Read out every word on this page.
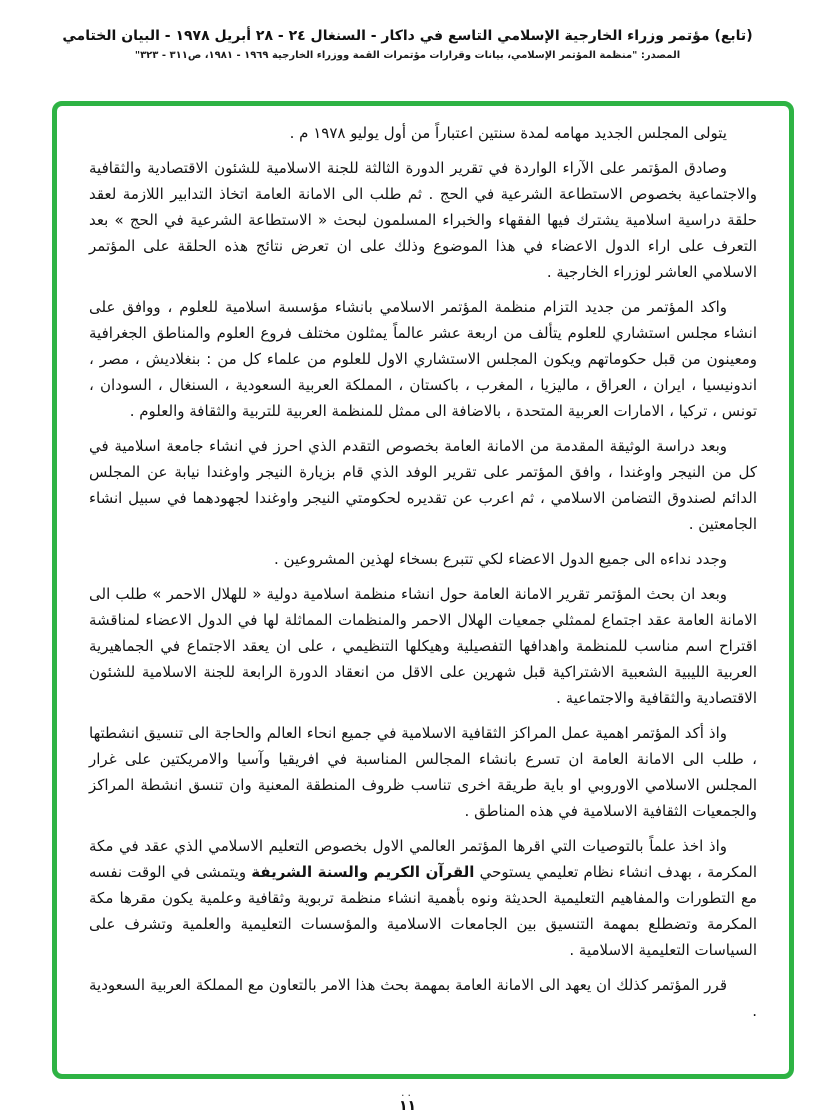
(تابع) مؤتمر وزراء الخارجية الإسلامي التاسع في داكار - السنغال ٢٤ - ٢٨ أبريل ١٩٧٨ - البيان الختامي
المصدر: "منظمة المؤتمر الإسلامي، بيانات وقرارات مؤتمرات القمة ووزراء الخارجية ١٩٦٩ - ١٩٨١، ص٣١١ - ٣٢٣"

يتولى المجلس الجديد مهامه لمدة سنتين اعتباراً من أول يوليو ١٩٧٨ م .

وصادق المؤتمر على الآراء الواردة في تقرير الدورة الثالثة للجنة الاسلامية للشئون الاقتصادية والثقافية والاجتماعية بخصوص الاستطاعة الشرعية في الحج . ثم طلب الى الامانة العامة اتخاذ التدابير اللازمة لعقد حلقة دراسية اسلامية يشترك فيها الفقهاء والخبراء المسلمون لبحث « الاستطاعة الشرعية في الحج » بعد التعرف على اراء الدول الاعضاء في هذا الموضوع وذلك على ان تعرض نتائج هذه الحلقة على المؤتمر الاسلامي العاشر لوزراء الخارجية .

واكد المؤتمر من جديد التزام منظمة المؤتمر الاسلامي بانشاء مؤسسة اسلامية للعلوم ، ووافق على انشاء مجلس استشاري للعلوم يتألف من اربعة عشر عالماً يمثلون مختلف فروع العلوم والمناطق الجغرافية ومعينون من قبل حكوماتهم ويكون المجلس الاستشاري الاول للعلوم من علماء كل من : بنغلاديش ، مصر ، اندونيسيا ، ايران ، العراق ، ماليزيا ، المغرب ، باكستان ، المملكة العربية السعودية ، السنغال ، السودان ، تونس ، تركيا ، الامارات العربية المتحدة ، بالاضافة الى ممثل للمنظمة العربية للتربية والثقافة والعلوم .

وبعد دراسة الوثيقة المقدمة من الامانة العامة بخصوص التقدم الذي احرز في انشاء جامعة اسلامية في كل من النيجر واوغندا ، وافق المؤتمر على تقرير الوفد الذي قام بزيارة النيجر واوغندا نيابة عن المجلس الدائم لصندوق التضامن الاسلامي ، ثم اعرب عن تقديره لحكومتي النيجر واوغندا لجهودهما في سبيل انشاء الجامعتين .

وجدد نداءه الى جميع الدول الاعضاء لكي تتبرع بسخاء لهذين المشروعين .

وبعد ان بحث المؤتمر تقرير الامانة العامة حول انشاء منظمة اسلامية دولية « للهلال الاحمر » طلب الى الامانة العامة عقد اجتماع لممثلي جمعيات الهلال الاحمر والمنظمات المماثلة لها في الدول الاعضاء لمناقشة اقتراح اسم مناسب للمنظمة واهدافها التفصيلية وهيكلها التنظيمي ، على ان يعقد الاجتماع في الجماهيرية العربية الليبية الشعبية الاشتراكية قبل شهرين على الاقل من انعقاد الدورة الرابعة للجنة الاسلامية للشئون الاقتصادية والثقافية والاجتماعية .

واذ أكد المؤتمر اهمية عمل المراكز الثقافية الاسلامية في جميع انحاء العالم والحاجة الى تنسيق انشطتها ، طلب الى الامانة العامة ان تسرع بانشاء المجالس المناسبة في افريقيا وآسيا والامريكتين على غرار المجلس الاسلامي الاوروبي او باية طريقة اخرى تناسب ظروف المنطقة المعنية وان تنسق انشطة المراكز والجمعيات الثقافية الاسلامية في هذه المناطق .

واذ اخذ علماً بالتوصيات التي اقرها المؤتمر العالمي الاول بخصوص التعليم الاسلامي الذي عقد في مكة المكرمة ، بهدف انشاء نظام تعليمي يستوحي القرآن الكريم والسنة الشريفة ويتمشى في الوقت نفسه مع التطورات والمفاهيم التعليمية الحديثة ونوه بأهمية انشاء منظمة تربوية وثقافية وعلمية يكون مقرها مكة المكرمة وتضطلع بمهمة التنسيق بين الجامعات الاسلامية والمؤسسات التعليمية والعلمية وتشرف على السياسات التعليمية الاسلامية .

قرر المؤتمر كذلك ان يعهد الى الامانة العامة بمهمة بحث هذا الامر بالتعاون مع المملكة العربية السعودية .

..
١١
